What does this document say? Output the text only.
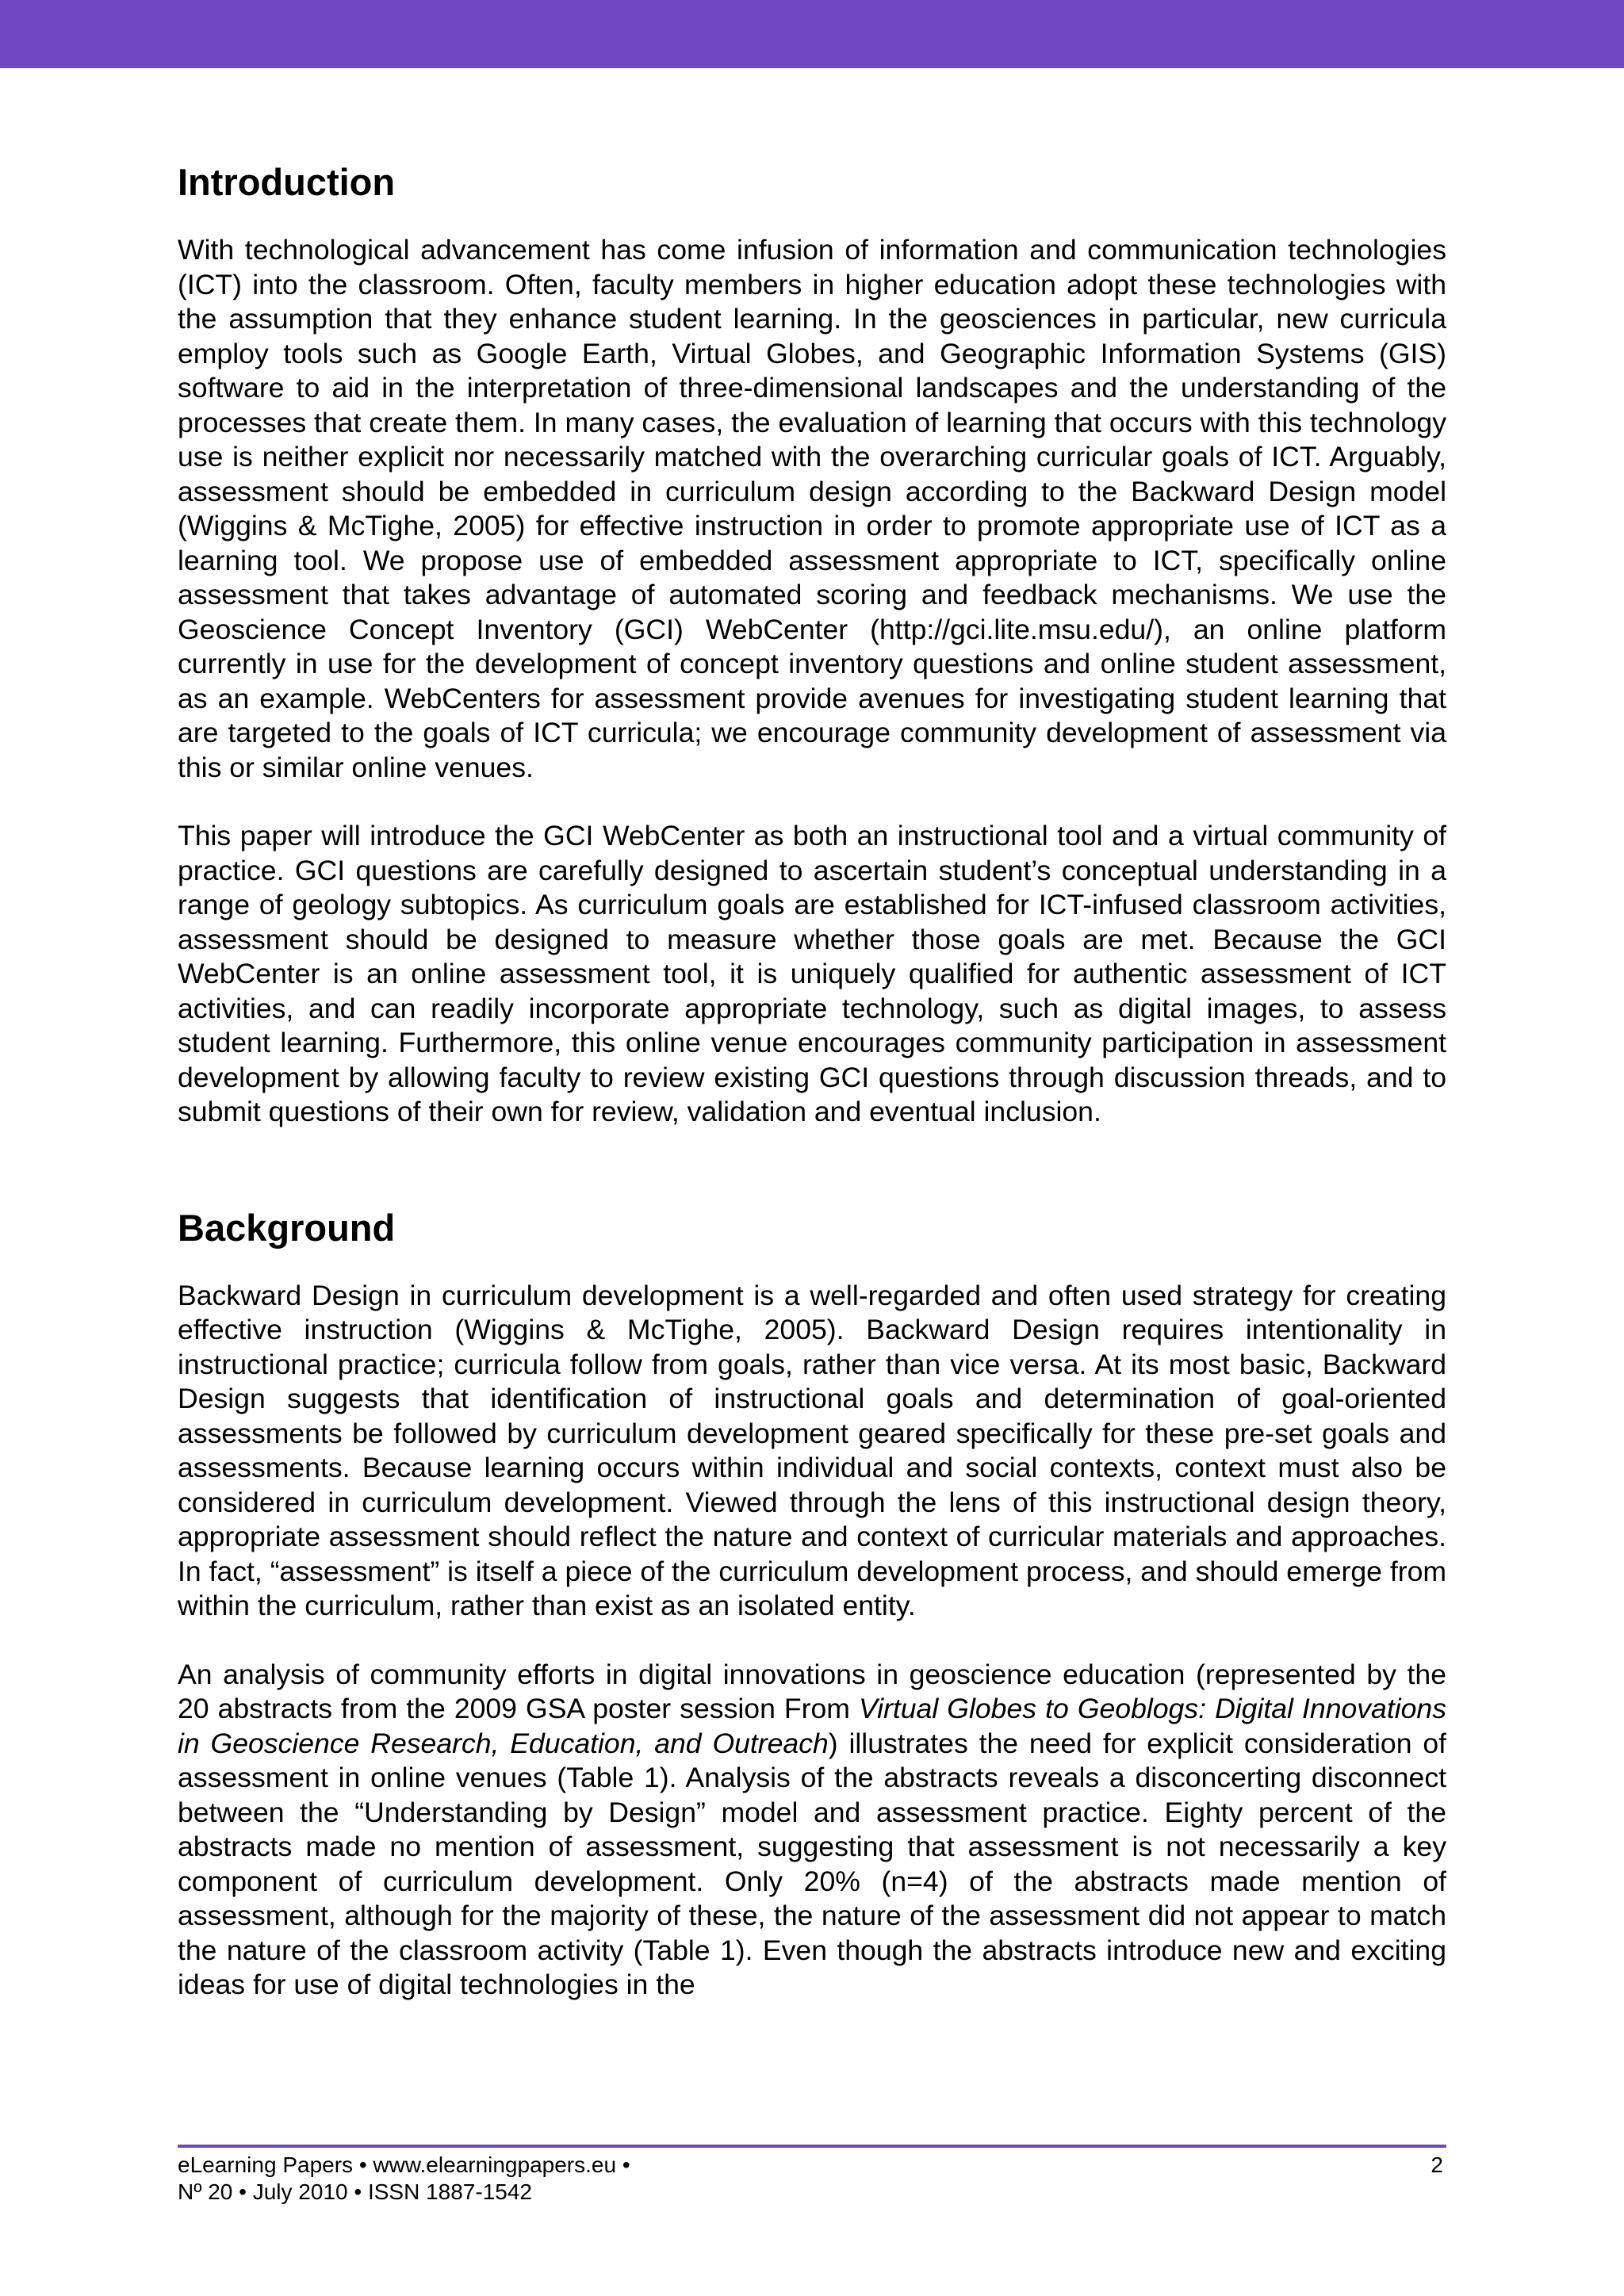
Introduction

With technological advancement has come infusion of information and communication technologies (ICT) into the classroom. Often, faculty members in higher education adopt these technologies with the assumption that they enhance student learning. In the geosciences in particular, new curricula employ tools such as Google Earth, Virtual Globes, and Geographic Information Systems (GIS) software to aid in the interpretation of three-dimensional landscapes and the understanding of the processes that create them. In many cases, the evaluation of learning that occurs with this technology use is neither explicit nor necessarily matched with the overarching curricular goals of ICT. Arguably, assessment should be embedded in curriculum design according to the Backward Design model (Wiggins & McTighe, 2005) for effective instruction in order to promote appropriate use of ICT as a learning tool. We propose use of embedded assessment appropriate to ICT, specifically online assessment that takes advantage of automated scoring and feedback mechanisms. We use the Geoscience Concept Inventory (GCI) WebCenter (http://gci.lite.msu.edu/), an online platform currently in use for the development of concept inventory questions and online student assessment, as an example. WebCenters for assessment provide avenues for investigating student learning that are targeted to the goals of ICT curricula; we encourage community development of assessment via this or similar online venues.

This paper will introduce the GCI WebCenter as both an instructional tool and a virtual community of practice. GCI questions are carefully designed to ascertain student’s conceptual understanding in a range of geology subtopics. As curriculum goals are established for ICT-infused classroom activities, assessment should be designed to measure whether those goals are met. Because the GCI WebCenter is an online assessment tool, it is uniquely qualified for authentic assessment of ICT activities, and can readily incorporate appropriate technology, such as digital images, to assess student learning. Furthermore, this online venue encourages community participation in assessment development by allowing faculty to review existing GCI questions through discussion threads, and to submit questions of their own for review, validation and eventual inclusion.

Background

Backward Design in curriculum development is a well-regarded and often used strategy for creating effective instruction (Wiggins & McTighe, 2005). Backward Design requires intentionality in instructional practice; curricula follow from goals, rather than vice versa. At its most basic, Backward Design suggests that identification of instructional goals and determination of goal-oriented assessments be followed by curriculum development geared specifically for these pre-set goals and assessments. Because learning occurs within individual and social contexts, context must also be considered in curriculum development. Viewed through the lens of this instructional design theory, appropriate assessment should reflect the nature and context of curricular materials and approaches. In fact, “assessment” is itself a piece of the curriculum development process, and should emerge from within the curriculum, rather than exist as an isolated entity.

An analysis of community efforts in digital innovations in geoscience education (represented by the 20 abstracts from the 2009 GSA poster session From Virtual Globes to Geoblogs: Digital Innovations in Geoscience Research, Education, and Outreach) illustrates the need for explicit consideration of assessment in online venues (Table 1). Analysis of the abstracts reveals a disconcerting disconnect between the “Understanding by Design” model and assessment practice. Eighty percent of the abstracts made no mention of assessment, suggesting that assessment is not necessarily a key component of curriculum development. Only 20% (n=4) of the abstracts made mention of assessment, although for the majority of these, the nature of the assessment did not appear to match the nature of the classroom activity (Table 1). Even though the abstracts introduce new and exciting ideas for use of digital technologies in the

eLearning Papers • www.elearningpapers.eu •
Nº 20 • July 2010 • ISSN 1887-1542
2
